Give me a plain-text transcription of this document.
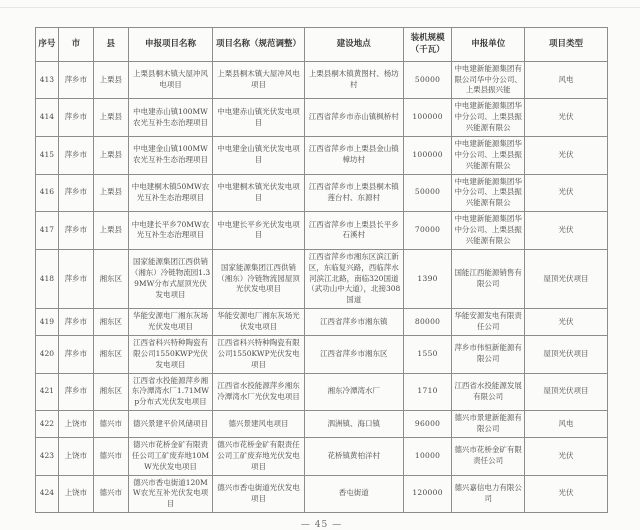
序号	市	县	申报项目名称	项目名称（规范调整）	建设地点	装机规模（千瓦）	申报单位	项目类型
413	萍乡市	上栗县	上栗县桐木镇大屋冲风电项目	上栗县桐木镇大屋冲风电项目	上栗县桐木镇黄图村、杨坊村	50000	中电建新能源集团有限公司华中分公司、上栗县振兴能	风电
414	萍乡市	上栗县	中电建赤山镇100MW农光互补生态治理项目	中电建赤山镇光伏发电项目	江西省萍乡市赤山镇枫桥村	100000	中电建新能源集团华中分公司、上栗县振兴能源有限公	光伏
415	萍乡市	上栗县	中电建金山镇100MW农光互补生态治理项目	中电建金山镇光伏发电项目	江西省萍乡市上栗县金山镇樟坊村	100000	中电建新能源集团华中分公司、上栗县振兴能源有限公	光伏
416	萍乡市	上栗县	中电建桐木镇50MW农光互补生态治理项目	中电建桐木镇光伏发电项目	江西省萍乡市上栗县桐木镇莲台村、东源村	50000	中电建新能源集团华中分公司、上栗县振兴能源有限公	光伏
417	萍乡市	上栗县	中电建长平乡70MW农光互补生态治理项目	中电建长平乡光伏发电项目	江西省萍乡市上栗县长平乡石溪村	70000	中电建新能源集团华中分公司、上栗县振兴能源有限公	光伏
418	萍乡市	湘东区	国家能源集团江西供销（湘东）冷链物流园1.39MW分布式屋顶光伏发电项目	国家能源集团江西供销（湘东）冷链物流园屋顶光伏发电项目	江西省萍乡市湘东区滨江新区，东临复兴路，西临萍水河滨江北路，南临320国道（武功山中大道），北接308国道	1390	国能江西能源销售有限公司	屋顶光伏项目
419	萍乡市	湘东区	华能安源电厂湘东灰场光伏发电项目	华能安源电厂湘东灰场光伏发电项目	江西省萍乡市湘东镇	80000	华能安源发电有限责任公司	光伏
420	萍乡市	湘东区	江西省科兴特种陶瓷有限公司1550KWP光伏发电项目	江西省科兴特种陶瓷有限公司1550KWP光伏发电项目	江西省萍乡市湘东区	1550	萍乡市伟恒新能源有限公司	屋顶光伏项目
421	萍乡市	湘东区	江西省水投能源萍乡湘东冷潭湾水厂1.71MWp分布式光伏发电项目	江西省水投能源萍乡湘东冷潭湾水厂光伏发电项目	湘东冷潭湾水厂	1710	江西省水投能源发展有限公司	屋顶光伏项目
422	上饶市	德兴市	德兴景建平价风储项目	德兴景建风电项目	泗洲镇、海口镇	96000	德兴市景建新能源有限公司	风电
423	上饶市	德兴市	德兴市花桥金矿有限责任公司工矿废弃地10MW光伏发电项目	德兴市花桥金矿有限责任公司工矿废弃地光伏发电项目	花桥镇黄柏洋村	10000	德兴市花桥金矿有限责任公司	光伏
424	上饶市	德兴市	德兴市香屯街道120MW农光互补光伏发电项目	德兴市香屯街道光伏发电项目	香屯街道	120000	德兴嘉信电力有限公司	光伏
— 45 —
